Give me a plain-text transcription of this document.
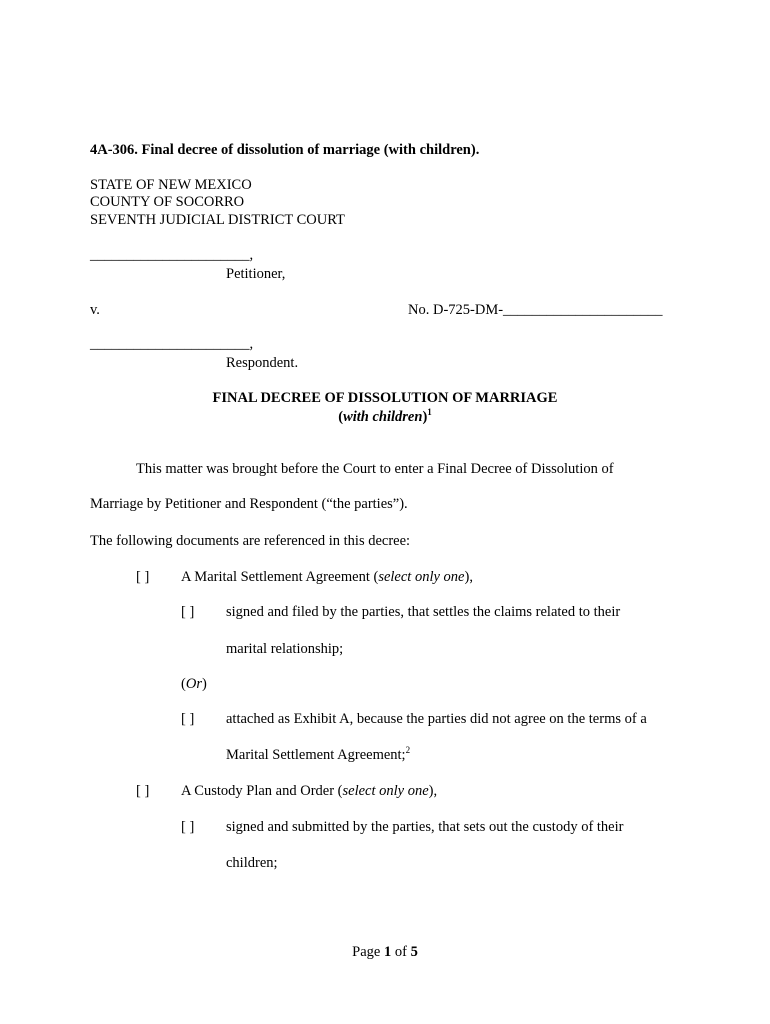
4A-306. Final decree of dissolution of marriage (with children).
STATE OF NEW MEXICO
COUNTY OF SOCORRO
SEVENTH JUDICIAL DISTRICT COURT
______________________,
Petitioner,
v.	No. D-725-DM-______________________
______________________,
Respondent.
FINAL DECREE OF DISSOLUTION OF MARRIAGE
(with children)$^1$
This matter was brought before the Court to enter a Final Decree of Dissolution of
Marriage by Petitioner and Respondent (“the parties”).
The following documents are referenced in this decree:
[ ] A Marital Settlement Agreement (select only one),
[ ] signed and filed by the parties, that settles the claims related to their
marital relationship;
(Or)
[ ] attached as Exhibit A, because the parties did not agree on the terms of a
Marital Settlement Agreement;$^2$
[ ] A Custody Plan and Order (select only one),
[ ] signed and submitted by the parties, that sets out the custody of their
children;
Page 1 of 5
